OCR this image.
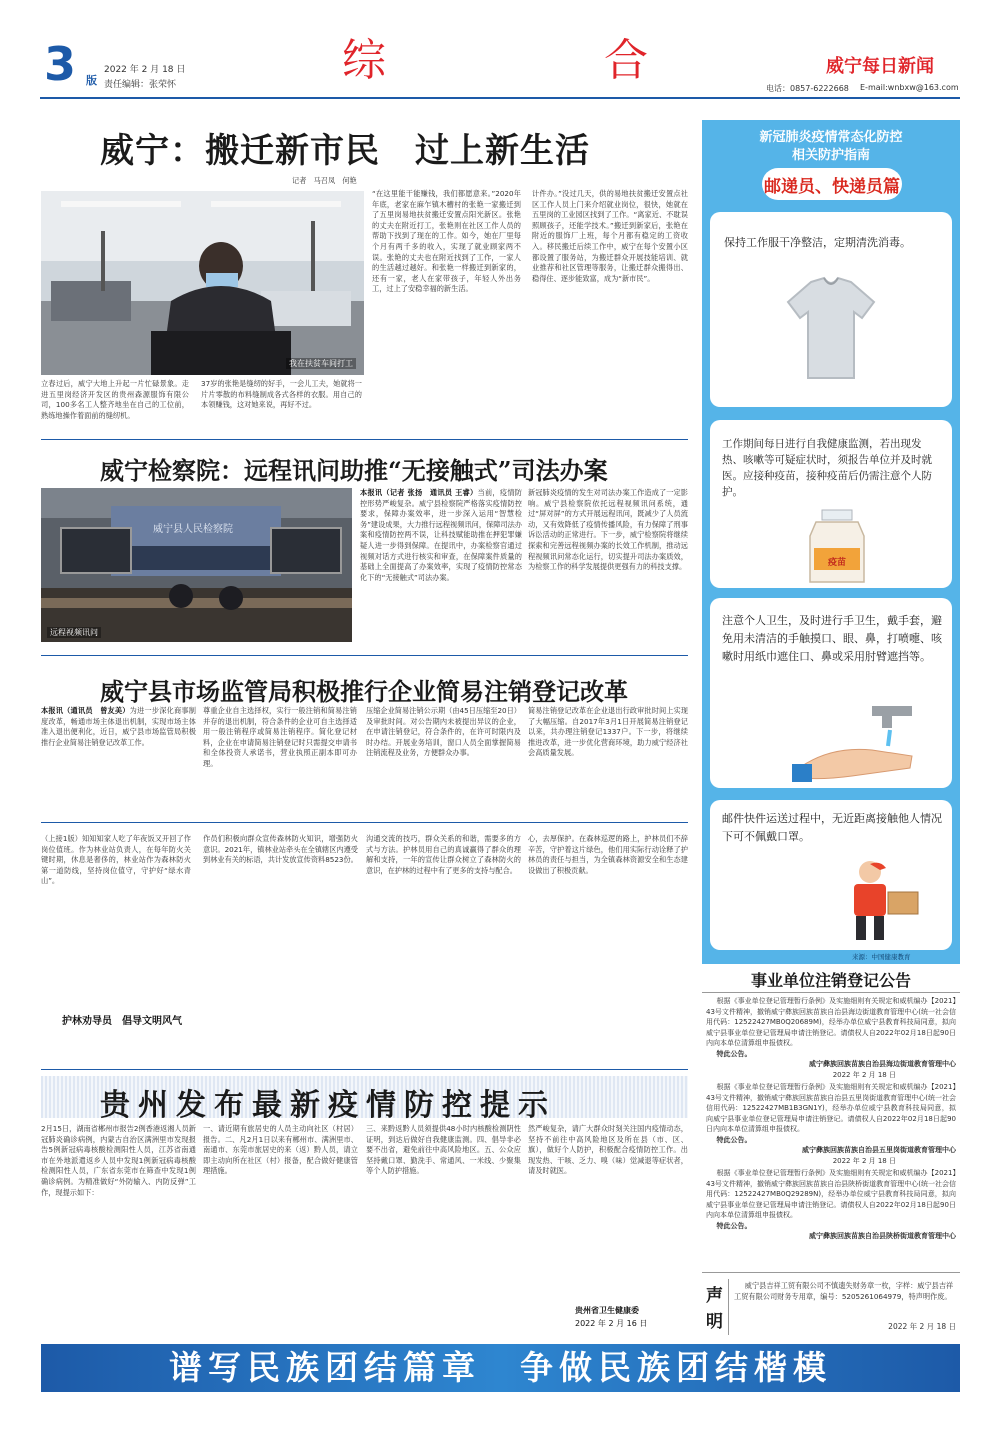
3 版
2022 年 2 月 18 日
责任编辑：张荣怀	综	合	威宁每日新闻
电话：0857-6222668 E-mail:wnbxw@163.com
威宁：搬迁新市民　过上新生活
记者　马召凤　何艳
我在扶贫车间打工
立春过后，威宁大地上升起一片忙碌景象。走进五里岗经济开发区的贵州森源服饰有限公司，100多名工人整齐地坐在自己的工位前，熟练地操作着面前的缝纫机。
37岁的张艳是缝纫的好手，一会儿工夫，她就将一片片零散的布料缝制成各式各样的衣服。用自己的本领赚钱，这对她来说，再好不过。
“在这里能干能赚钱，我们都愿意来。”2020年年底，老家在麻乍镇木槽村的张艳一家搬迁到了五里岗易地扶贫搬迁安置点阳光新区。张艳的丈夫在附近打工，张艳则在社区工作人员的帮助下找到了现在的工作。如今，她在厂里每个月有两千多的收入，实现了就业顾家两不误。张艳的丈夫也在附近找到了工作，一家人的生活越过越好。和张艳一样搬迁到新家的，还有一家，老人在家带孩子，年轻人外出务工，过上了安稳幸福的新生活。
计件办。”没过几天，供的易地扶贫搬迁安置点社区工作人员上门来介绍就业岗位，很快，她就在五里岗的工业园区找到了工作。“离家近、不耽误照顾孩子，还能学技术。”搬迁到新家后，张艳在附近的服饰厂上班，每个月都有稳定的工资收入。移民搬迁后续工作中，威宁在每个安置小区都设置了服务站，为搬迁群众开展技能培训、就业推荐和社区管理等服务，让搬迁群众搬得出、稳得住、逐步能致富，成为“新市民”。
威宁检察院：远程讯问助推“无接触式”司法办案
威宁县人民检察院
远程视频讯问
本报讯（记者 张扬　通讯员 王睿）当前，疫情防控形势严峻复杂。威宁县检察院严格落实疫情防控要求，保障办案效率，进一步深入运用“智慧检务”建设成果，大力推行远程视频讯问，保障司法办案和疫情防控两不误，让科技赋能助推在押犯罪嫌疑人进一步得到保障。在提讯中，办案检察官通过视频对话方式进行核实和审查，在保障案件质量的基础上全面提高了办案效率，实现了疫情防控常态化下的“无接触式”司法办案。
新冠肺炎疫情的发生对司法办案工作造成了一定影响。威宁县检察院依托远程视频讯问系统，通过“屏对屏”的方式开展远程讯问，既减少了人员流动，又有效降低了疫情传播风险，有力保障了刑事诉讼活动的正常进行。下一步，威宁检察院将继续探索和完善远程视频办案的长效工作机制，推动远程视频讯问常态化运行，切实提升司法办案质效，为检察工作的科学发展提供更强有力的科技支撑。
威宁县市场监管局积极推行企业简易注销登记改革
本报讯（通讯员　曾友美）为进一步深化商事制度改革，畅通市场主体退出机制，实现市场主体准入退出便利化，近日，威宁县市场监管局积极推行企业简易注销登记改革工作。
尊重企业自主选择权，实行一般注销和简易注销并存的退出机制，符合条件的企业可自主选择适用一般注销程序或简易注销程序。简化登记材料，企业在申请简易注销登记时只需提交申请书和全体投资人承诺书，营业执照正副本即可办理。
压缩企业简易注销公示期（由45日压缩至20日）及审批时间。对公告期内未被提出异议的企业，在申请注销登记，符合条件的，在许可时限内及时办结。开展业务培训，窗口人员全面掌握简易注销流程及业务，方便群众办事。
简易注销登记改革在企业退出行政审批时间上实现了大幅压缩。自2017年3月1日开展简易注销登记以来，共办理注销登记1337户。下一步，将继续推进改革，进一步优化营商环境，助力威宁经济社会高质量发展。
（上接1版）知知知家人吃了年夜饭又开回了作岗位值班。作为林业站负责人，在每年防火关键时期，休息是奢侈的，林业站作为森林防火第一道防线，坚持岗位值守，守护好“绿水青山”。
护林劝导员　倡导文明风气
作员们积极向群众宣传森林防火知识，增强防火意识。2021年，镇林业站牵头在全镇辖区内遵受到林业有关的标语，共计发放宣传资料8523份。
沟通交流的技巧，群众关系的和谐，需要多的方式与方法。护林员用自己的真诚赢得了群众的理解和支持，一年的宣传让群众树立了森林防火的意识，在护林的过程中有了更多的支持与配合。
心，去厚保护。在森林巡逻的路上，护林员们不辞辛苦，守护着这片绿色，他们用实际行动诠释了护林员的责任与担当，为全镇森林资源安全和生态建设做出了积极贡献。
贵州发布最新疫情防控提示
2月15日，湖南省郴州市报告2例香港返湘人员新冠肺炎确诊病例，内蒙古自治区满洲里市发现报告5例新冠病毒核酸检测阳性人员，江苏省南通市在外地派遣返乡人员中发现1例新冠病毒核酸检测阳性人员，广东省东莞市在筛查中发现1例确诊病例。为精准做好“外防输入、内防反弹”工作，现提示如下：
一、请近期有旅居史的人员主动向社区（村居）报告。二、凡2月1日以来有郴州市、满洲里市、南通市、东莞市旅居史的来（返）黔人员，请立即主动向所在社区（村）报备，配合做好健康管理措施。
三、来黔返黔人员须提供48小时内核酸检测阴性证明，到达后做好自我健康监测。四、倡导非必要不出省，避免前往中高风险地区。五、公众应坚持戴口罩、勤洗手、常通风、一米线、少聚集等个人防护措施。
然严峻复杂，请广大群众时刻关注国内疫情动态，坚持不前往中高风险地区及所在县（市、区、旗），做好个人防护，积极配合疫情防控工作。出现发热、干咳、乏力、嗅（味）觉减退等症状者，请及时就医。
贵州省卫生健康委
2022 年 2 月 16 日
新冠肺炎疫情常态化防控
相关防护指南
邮递员、快递员篇
保持工作服干净整洁，定期清洗消毒。
工作期间每日进行自我健康监测，若出现发热、咳嗽等可疑症状时，须报告单位并及时就医。应接种疫苗，接种疫苗后仍需注意个人防护。
疫苗
注意个人卫生，及时进行手卫生，戴手套，避免用未清洁的手触摸口、眼、鼻，打喷嚏、咳嗽时用纸巾遮住口、鼻或采用肘臂遮挡等。
邮件快件运送过程中，无近距离接触他人情况下可不佩戴口罩。
来源：中国健康教育
事业单位注销登记公告

根据《事业单位登记管理暂行条例》及实施细则有关规定和威机编办【2021】43号文件精神，撤销威宁彝族回族苗族自治县海边街道教育管理中心(统一社会信用代码：12522427MB0Q20689M)，经举办单位威宁县教育科技局同意，拟向威宁县事业单位登记管理局申请注销登记。请债权人自2022年02月18日起90日内向本单位清算组申报债权。

特此公告。

威宁彝族回族苗族自治县海边街道教育管理中心

2022 年 2 月 18 日

根据《事业单位登记管理暂行条例》及实施细则有关规定和威机编办【2021】43号文件精神，撤销威宁彝族回族苗族自治县五里岗街道教育管理中心(统一社会信用代码：12522427MB1B3GN1Y)，经举办单位威宁县教育科技局同意，拟向威宁县事业单位登记管理局申请注销登记。请债权人自2022年02月18日起90日内向本单位清算组申报债权。

特此公告。

威宁彝族回族苗族自治县五里岗街道教育管理中心

2022 年 2 月 18 日

根据《事业单位登记管理暂行条例》及实施细则有关规定和威机编办【2021】43号文件精神，撤销威宁彝族回族苗族自治县陕桥街道教育管理中心(统一社会信用代码：12522427MB0Q29289N)，经举办单位威宁县教育科技局同意，拟向威宁县事业单位登记管理局申请注销登记。请债权人自2022年02月18日起90日内向本单位清算组申报债权。

特此公告。

威宁彝族回族苗族自治县陕桥街道教育管理中心

声
明
威宁县吉祥工贸有限公司不慎遗失财务章一枚，字样：威宁县吉祥工贸有限公司财务专用章，编号：5205261064979，特声明作废。
2022 年 2 月 18 日
谱写民族团结篇章　争做民族团结楷模
